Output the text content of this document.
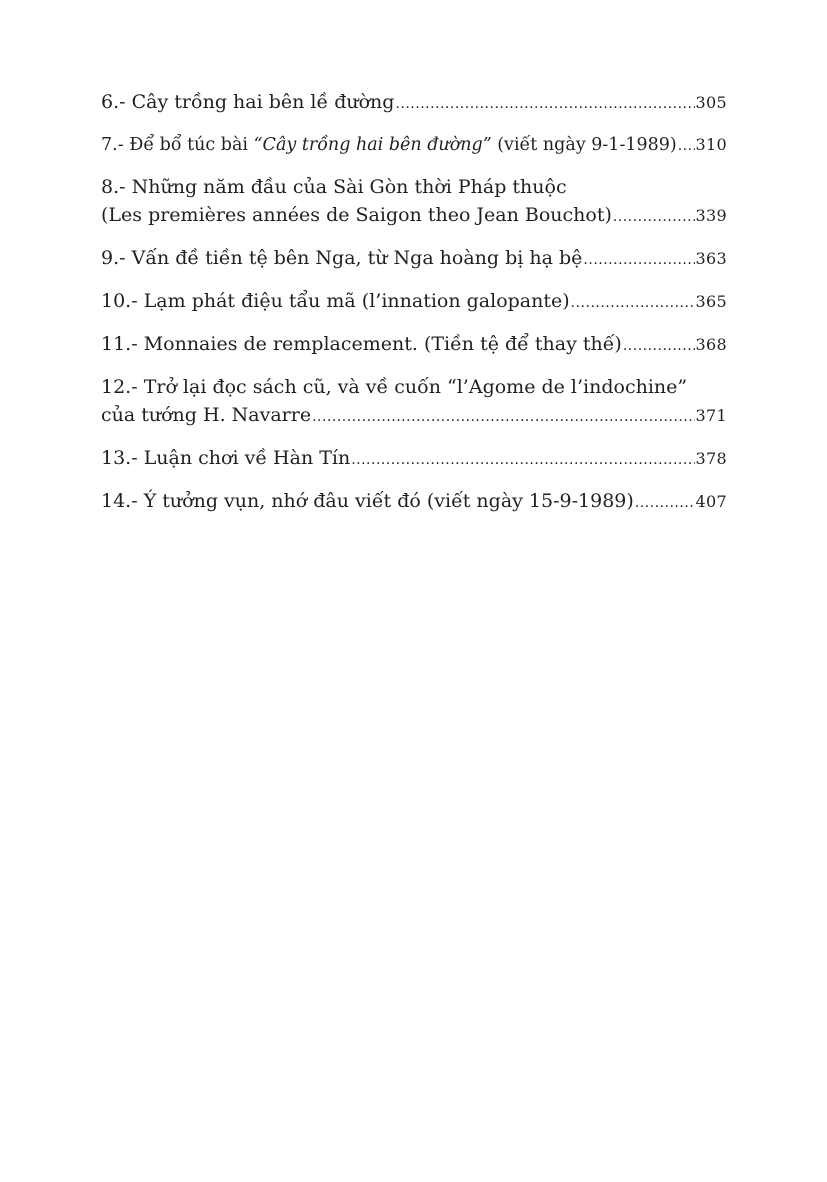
6.- Cây trồng hai bên lề đường .....	305
7.- Để bổ túc bài “Cây trồng hai bên đường” (viết ngày 9-1-1989) ..... 310
8.- Những năm đầu của Sài Gòn thời Pháp thuộc
(Les premières années de Saigon theo Jean Bouchot) .....	339
9.- Vấn đề tiền tệ bên Nga, từ Nga hoàng bị hạ bệ .....	363
10.- Lạm phát điệu tẩu mã (l’innation galopante) .....	365
11.- Monnaies de remplacement. (Tiền tệ để thay thế) .....	368
12.- Trở lại đọc sách cũ, và về cuốn “l’Agome de l’indochine”
của tướng H. Navarre .....	371
13.- Luận chơi về Hàn Tín .....	378
14.- Ý tưởng vụn, nhớ đâu viết đó (viết ngày 15-9-1989) .....	407
